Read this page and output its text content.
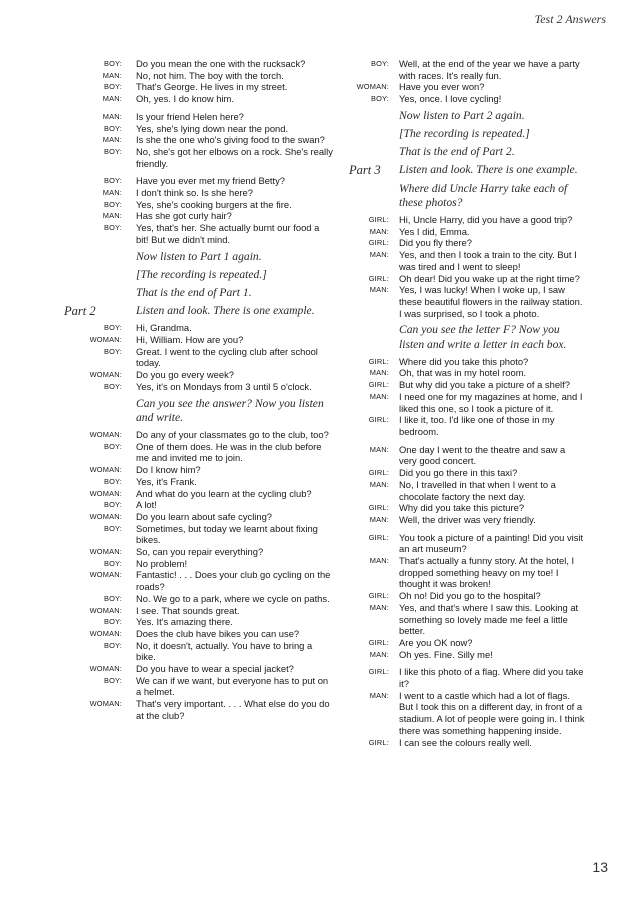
Test 2 Answers
BOY: Do you mean the one with the rucksack?
MAN: No, not him. The boy with the torch.
BOY: That's George. He lives in my street.
MAN: Oh, yes. I do know him.
MAN: Is your friend Helen here?
BOY: Yes, she's lying down near the pond.
MAN: Is she the one who's giving food to the swan?
BOY: No, she's got her elbows on a rock. She's really friendly.
BOY: Have you ever met my friend Betty?
MAN: I don't think so. Is she here?
BOY: Yes, she's cooking burgers at the fire.
MAN: Has she got curly hair?
BOY: Yes, that's her. She actually burnt our food a bit! But we didn't mind.
Now listen to Part 1 again.
[The recording is repeated.]
That is the end of Part 1.
Part 2	Listen and look. There is one example.
BOY: Hi, Grandma.
WOMAN: Hi, William. How are you?
BOY: Great. I went to the cycling club after school today.
WOMAN: Do you go every week?
BOY: Yes, it's on Mondays from 3 until 5 o'clock.
Can you see the answer? Now you listen and write.
WOMAN: Do any of your classmates go to the club, too?
BOY: One of them does. He was in the club before me and invited me to join.
WOMAN: Do I know him?
BOY: Yes, it's Frank.
WOMAN: And what do you learn at the cycling club?
BOY: A lot!
WOMAN: Do you learn about safe cycling?
BOY: Sometimes, but today we learnt about fixing bikes.
WOMAN: So, can you repair everything?
BOY: No problem!
WOMAN: Fantastic! . . . Does your club go cycling on the roads?
BOY: No. We go to a park, where we cycle on paths.
WOMAN: I see. That sounds great.
BOY: Yes. It's amazing there.
WOMAN: Does the club have bikes you can use?
BOY: No, it doesn't, actually. You have to bring a bike.
WOMAN: Do you have to wear a special jacket?
BOY: We can if we want, but everyone has to put on a helmet.
WOMAN: That's very important. . . . What else do you do at the club?
BOY: Well, at the end of the year we have a party with races. It's really fun.
WOMAN: Have you ever won?
BOY: Yes, once. I love cycling!
Now listen to Part 2 again.
[The recording is repeated.]
That is the end of Part 2.
Part 3 Listen and look. There is one example.
Where did Uncle Harry take each of these photos?
GIRL: Hi, Uncle Harry, did you have a good trip?
MAN: Yes I did, Emma.
GIRL: Did you fly there?
MAN: Yes, and then I took a train to the city. But I was tired and I went to sleep!
GIRL: Oh dear! Did you wake up at the right time?
MAN: Yes, I was lucky! When I woke up, I saw these beautiful flowers in the railway station. I was surprised, so I took a photo.
Can you see the letter F? Now you listen and write a letter in each box.
GIRL: Where did you take this photo?
MAN: Oh, that was in my hotel room.
GIRL: But why did you take a picture of a shelf?
MAN: I need one for my magazines at home, and I liked this one, so I took a picture of it.
GIRL: I like it, too. I'd like one of those in my bedroom.
MAN: One day I went to the theatre and saw a very good concert.
GIRL: Did you go there in this taxi?
MAN: No, I travelled in that when I went to a chocolate factory the next day.
GIRL: Why did you take this picture?
MAN: Well, the driver was very friendly.
GIRL: You took a picture of a painting! Did you visit an art museum?
MAN: That's actually a funny story. At the hotel, I dropped something heavy on my toe! I thought it was broken!
GIRL: Oh no! Did you go to the hospital?
MAN: Yes, and that's where I saw this. Looking at something so lovely made me feel a little better.
GIRL: Are you OK now?
MAN: Oh yes. Fine. Silly me!
GIRL: I like this photo of a flag. Where did you take it?
MAN: I went to a castle which had a lot of flags. But I took this on a different day, in front of a stadium. A lot of people were going in. I think there was something happening inside.
GIRL: I can see the colours really well.
13
